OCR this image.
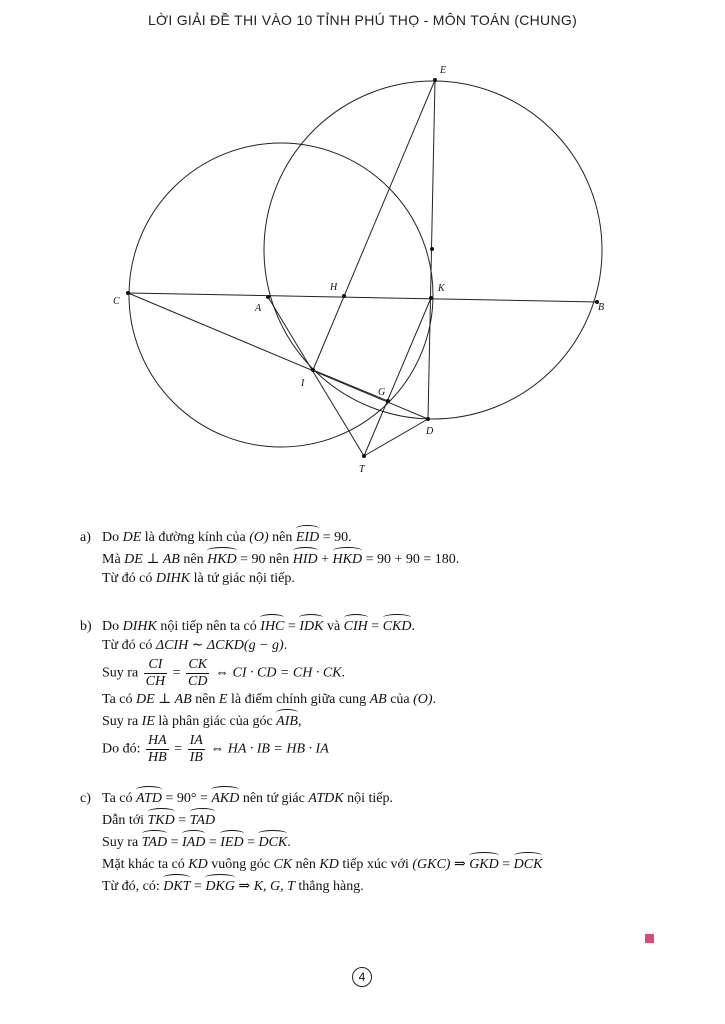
LỜI GIẢI ĐỀ THI VÀO 10 TỈNH PHÚ THỌ - MÔN TOÁN (CHUNG)
E
H	K
C
A	B
I
G
D
T
a) Do DE là đường kính của (O) nên EID = 90.
Mà DE ⊥ AB nên HKD = 90 nên HID + HKD = 90 + 90 = 180.
Từ đó có DIHK là tứ giác nội tiếp.
b) Do DIHK nội tiếp nên ta có IHC = IDK và CIH = CKD.
Từ đó có ΔCIH ∼ ΔCKD(g − g).
Suy ra $\frac{CI}{CH} = \frac{CK}{CD}$ ⇔ CI · CD = CH · CK.
Ta có DE ⊥ AB nên E là điểm chính giữa cung AB của (O).
Suy ra IE là phân giác của góc AIB,
Do đó: $\frac{HA}{HB} = \frac{IA}{IB}$ ⇔ HA · IB = HB · IA
c) Ta có ATD = 90° = AKD nên tứ giác ATDK nội tiếp.
Dẫn tới TKD = TAD
Suy ra TAD = IAD = IED = DCK.
Mặt khác ta có KD vuông góc CK nên KD tiếp xúc với (GKC) ⇒ GKD = DCK
Từ đó, có: DKT = DKG ⇒ K, G, T thẳng hàng.
4
